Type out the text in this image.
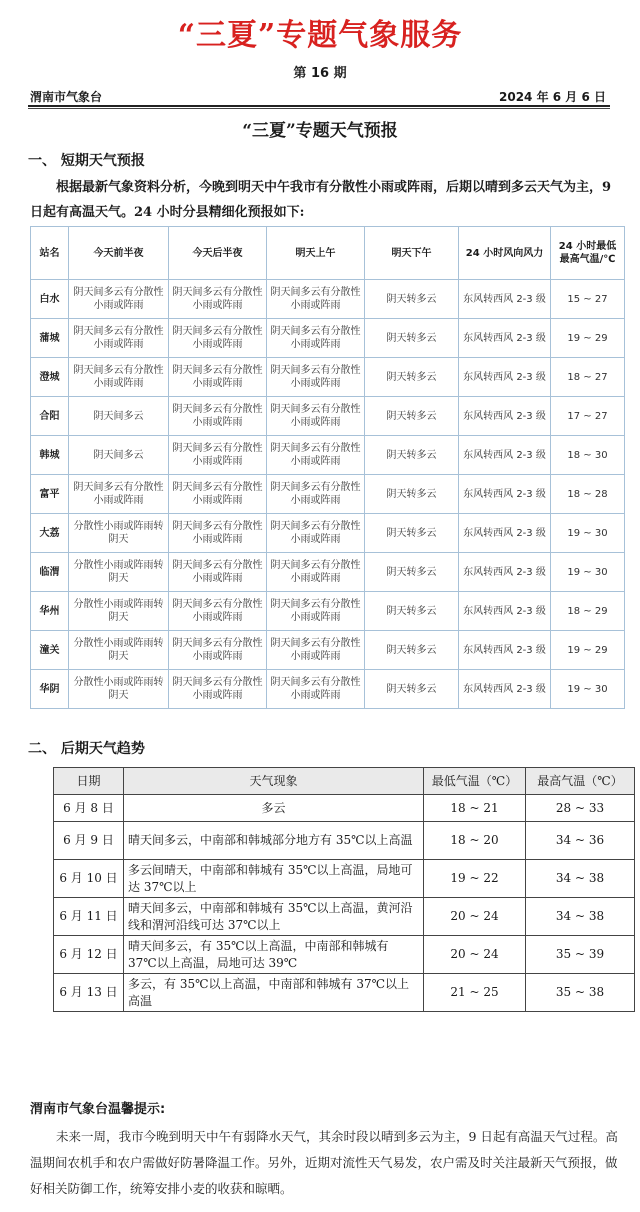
“三夏”专题气象服务
第 16 期
渭南市气象台	2024 年 6 月 6 日
“三夏”专题天气预报
一、 短期天气预报
根据最新气象资料分析，今晚到明天中午我市有分散性小雨或阵雨，后期以晴到多云天气为主，9 日起有高温天气。24 小时分县精细化预报如下:
站名	今天前半夜	今天后半夜	明天上午	明天下午	24 小时风向风力	24 小时最低 最高气温/℃
白水	阴天间多云有分散性小雨或阵雨	阴天间多云有分散性小雨或阵雨	阴天间多云有分散性小雨或阵雨	阴天转多云	东风转西风 2-3 级	15 ~ 27
蒲城	阴天间多云有分散性小雨或阵雨	阴天间多云有分散性小雨或阵雨	阴天间多云有分散性小雨或阵雨	阴天转多云	东风转西风 2-3 级	19 ~ 29
澄城	阴天间多云有分散性小雨或阵雨	阴天间多云有分散性小雨或阵雨	阴天间多云有分散性小雨或阵雨	阴天转多云	东风转西风 2-3 级	18 ~ 27
合阳	阴天间多云	阴天间多云有分散性小雨或阵雨	阴天间多云有分散性小雨或阵雨	阴天转多云	东风转西风 2-3 级	17 ~ 27
韩城	阴天间多云	阴天间多云有分散性小雨或阵雨	阴天间多云有分散性小雨或阵雨	阴天转多云	东风转西风 2-3 级	18 ~ 30
富平	阴天间多云有分散性小雨或阵雨	阴天间多云有分散性小雨或阵雨	阴天间多云有分散性小雨或阵雨	阴天转多云	东风转西风 2-3 级	18 ~ 28
大荔	分散性小雨或阵雨转阴天	阴天间多云有分散性小雨或阵雨	阴天间多云有分散性小雨或阵雨	阴天转多云	东风转西风 2-3 级	19 ~ 30
临渭	分散性小雨或阵雨转阴天	阴天间多云有分散性小雨或阵雨	阴天间多云有分散性小雨或阵雨	阴天转多云	东风转西风 2-3 级	19 ~ 30
华州	分散性小雨或阵雨转阴天	阴天间多云有分散性小雨或阵雨	阴天间多云有分散性小雨或阵雨	阴天转多云	东风转西风 2-3 级	18 ~ 29
潼关	分散性小雨或阵雨转阴天	阴天间多云有分散性小雨或阵雨	阴天间多云有分散性小雨或阵雨	阴天转多云	东风转西风 2-3 级	19 ~ 29
华阴	分散性小雨或阵雨转阴天	阴天间多云有分散性小雨或阵雨	阴天间多云有分散性小雨或阵雨	阴天转多云	东风转西风 2-3 级	19 ~ 30
二、 后期天气趋势
日期	天气现象	最低气温（℃）	最高气温（℃）
6 月 8 日	多云	18 ~ 21	28 ~ 33
6 月 9 日	晴天间多云，中南部和韩城部分地方有 35℃以上高温	18 ~ 20	34 ~ 36
6 月 10 日	多云间晴天，中南部和韩城有 35℃以上高温，局地可达 37℃以上	19 ~ 22	34 ~ 38
6 月 11 日	晴天间多云，中南部和韩城有 35℃以上高温，黄河沿线和渭河沿线可达 37℃以上	20 ~ 24	34 ~ 38
6 月 12 日	晴天间多云，有 35℃以上高温，中南部和韩城有 37℃以上高温，局地可达 39℃	20 ~ 24	35 ~ 39
6 月 13 日	多云，有 35℃以上高温，中南部和韩城有 37℃以上高温	21 ~ 25	35 ~ 38
渭南市气象台温馨提示:
未来一周，我市今晚到明天中午有弱降水天气，其余时段以晴到多云为主，9 日起有高温天气过程。高温期间农机手和农户需做好防暑降温工作。另外，近期对流性天气易发，农户需及时关注最新天气预报，做好相关防御工作，统筹安排小麦的收获和晾晒。
